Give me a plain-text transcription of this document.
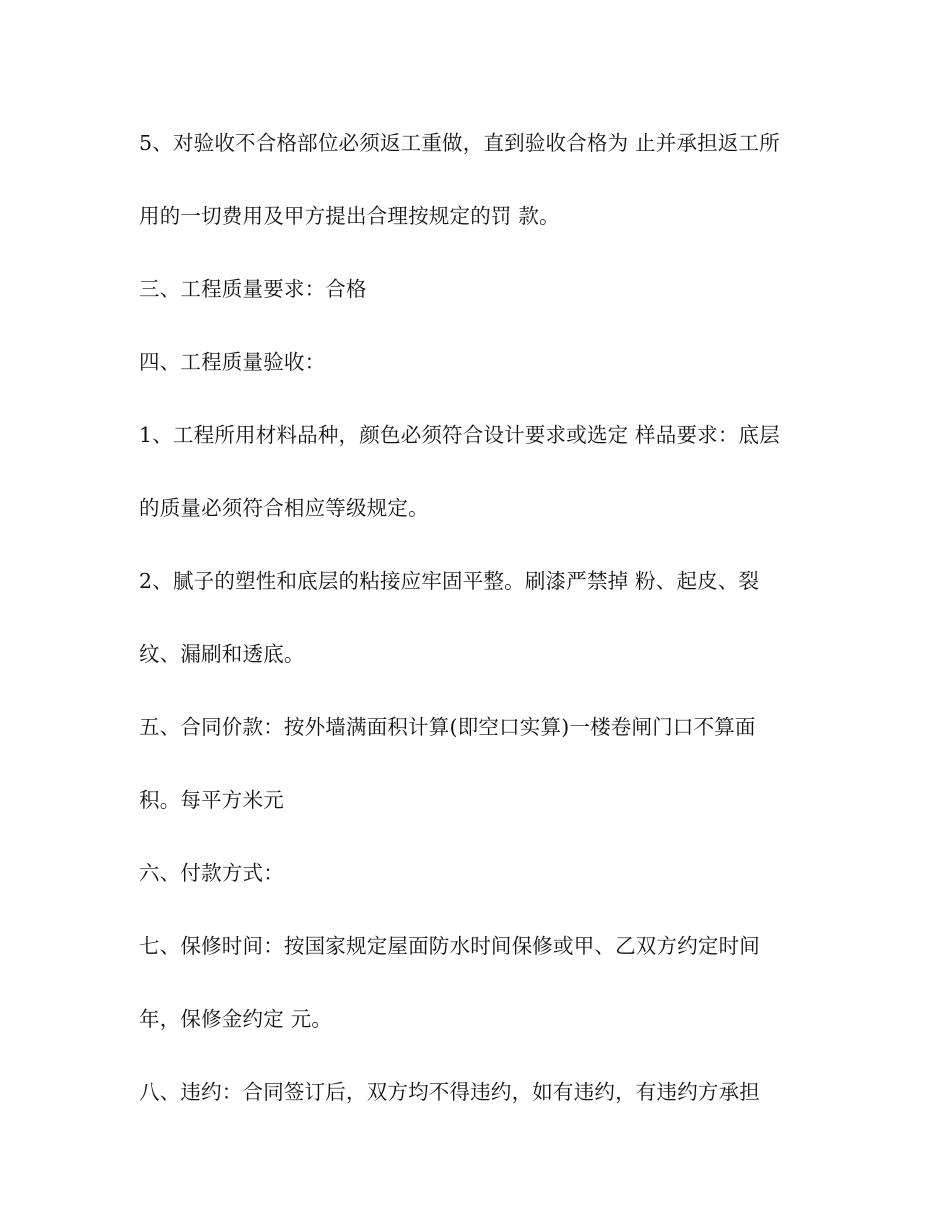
5、对验收不合格部位必须返工重做，直到验收合格为 止并承担返工所
用的一切费用及甲方提出合理按规定的罚 款。
三、工程质量要求：合格
四、工程质量验收：
1、工程所用材料品种，颜色必须符合设计要求或选定 样品要求：底层
的质量必须符合相应等级规定。
2、腻子的塑性和底层的粘接应牢固平整。刷漆严禁掉 粉、起皮、裂
纹、漏刷和透底。
五、合同价款：按外墙满面积计算(即空口实算)一楼卷闸门口不算面
积。每平方米元
六、付款方式：
七、保修时间：按国家规定屋面防水时间保修或甲、乙双方约定时间
年，保修金约定 元。
八、违约：合同签订后，双方均不得违约，如有违约，有违约方承担
